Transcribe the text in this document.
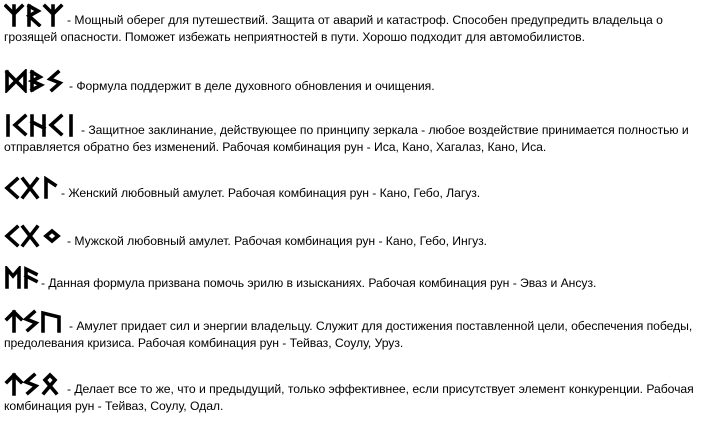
- Мощный оберег для путешествий. Защита от аварий и катастроф. Способен предупредить владельца о грозящей опасности. Поможет избежать неприятностей в пути. Хорошо подходит для автомобилистов.
- Формула поддержит в деле духовного обновления и очищения.
- Защитное заклинание, действующее по принципу зеркала - любое воздействие принимается полностью и отправляется обратно без изменений. Рабочая комбинация рун - Иса, Кано, Хагалаз, Кано, Иса.
- Женский любовный амулет. Рабочая комбинация рун - Кано, Гебо, Лагуз.
- Мужской любовный амулет. Рабочая комбинация рун - Кано, Гебо, Ингуз.
- Данная формула призвана помочь эрилю в изысканиях. Рабочая комбинация рун - Эваз и Ансуз.
- Амулет придает сил и энергии владельцу. Служит для достижения поставленной цели, обеспечения победы, предолевания кризиса. Рабочая комбинация рун - Тейваз, Соулу, Уруз.
- Делает все то же, что и предыдущий, только эффективнее, если присутствует элемент конкуренции. Рабочая комбинация рун - Тейваз, Соулу, Одал.
